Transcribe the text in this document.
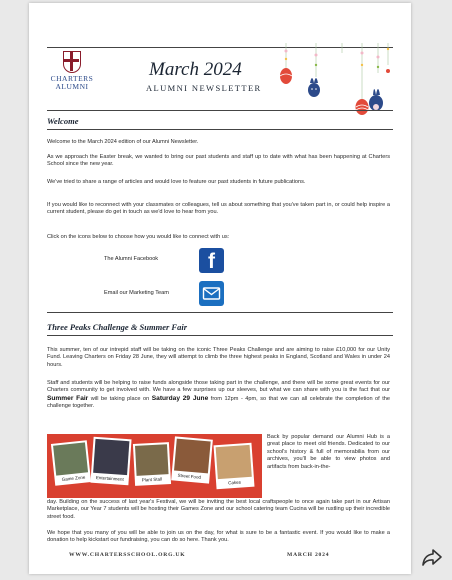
CHARTERS
ALUMNI
March 2024
ALUMNI NEWSLETTER
Welcome
Welcome to the March 2024 edition of our Alumni Newsletter.
As we approach the Easter break, we wanted to bring our past students and staff up to date with what has been happening at Charters School since the new year.
We've tried to share a range of articles and would love to feature our past students in future publications.
If you would like to reconnect with your classmates or colleagues, tell us about something that you've taken part in, or could help inspire a current student, please do get in touch as we'd love to hear from you.
Click on the icons below to choose how you would like to connect with us:
The Alumni Facebook	f
Email our Marketing Team
Three Peaks Challenge & Summer Fair
This summer, ten of our intrepid staff will be taking on the iconic Three Peaks Challenge and are aiming to raise £10,000 for our Unity Fund. Leaving Charters on Friday 28 June, they will attempt to climb the three highest peaks in England, Scotland and Wales in under 24 hours.
Staff and students will be helping to raise funds alongside those taking part in the challenge, and there will be some great events for our Charters community to get involved with. We have a few surprises up our sleeves, but what we can share with you is the fact that our Summer Fair will be taking place on Saturday 29 June from 12pm - 4pm, so that we can all celebrate the completion of the challenge together.
Game Zone Entertainment	Plant Stall	Street Food
Cakes
Back by popular demand our Alumni Hub is a great place to meet old friends. Dedicated to our school's history & full of memorabilia from our archives, you'll be able to view photos and artifacts from back-in-the-
day. Building on the success of last year's Festival, we will be inviting the best local craftspeople to once again take part in our Artisan Marketplace, our Year 7 students will be hosting their Games Zone and our school catering team Cucina will be rustling up their incredible street food.
We hope that you many of you will be able to join us on the day, for what is sure to be a fantastic event. If you would like to make a donation to help kickstart our fundraising, you can do so here. Thank you.
WWW.CHARTERSSCHOOL.ORG.UK	MARCH 2024
